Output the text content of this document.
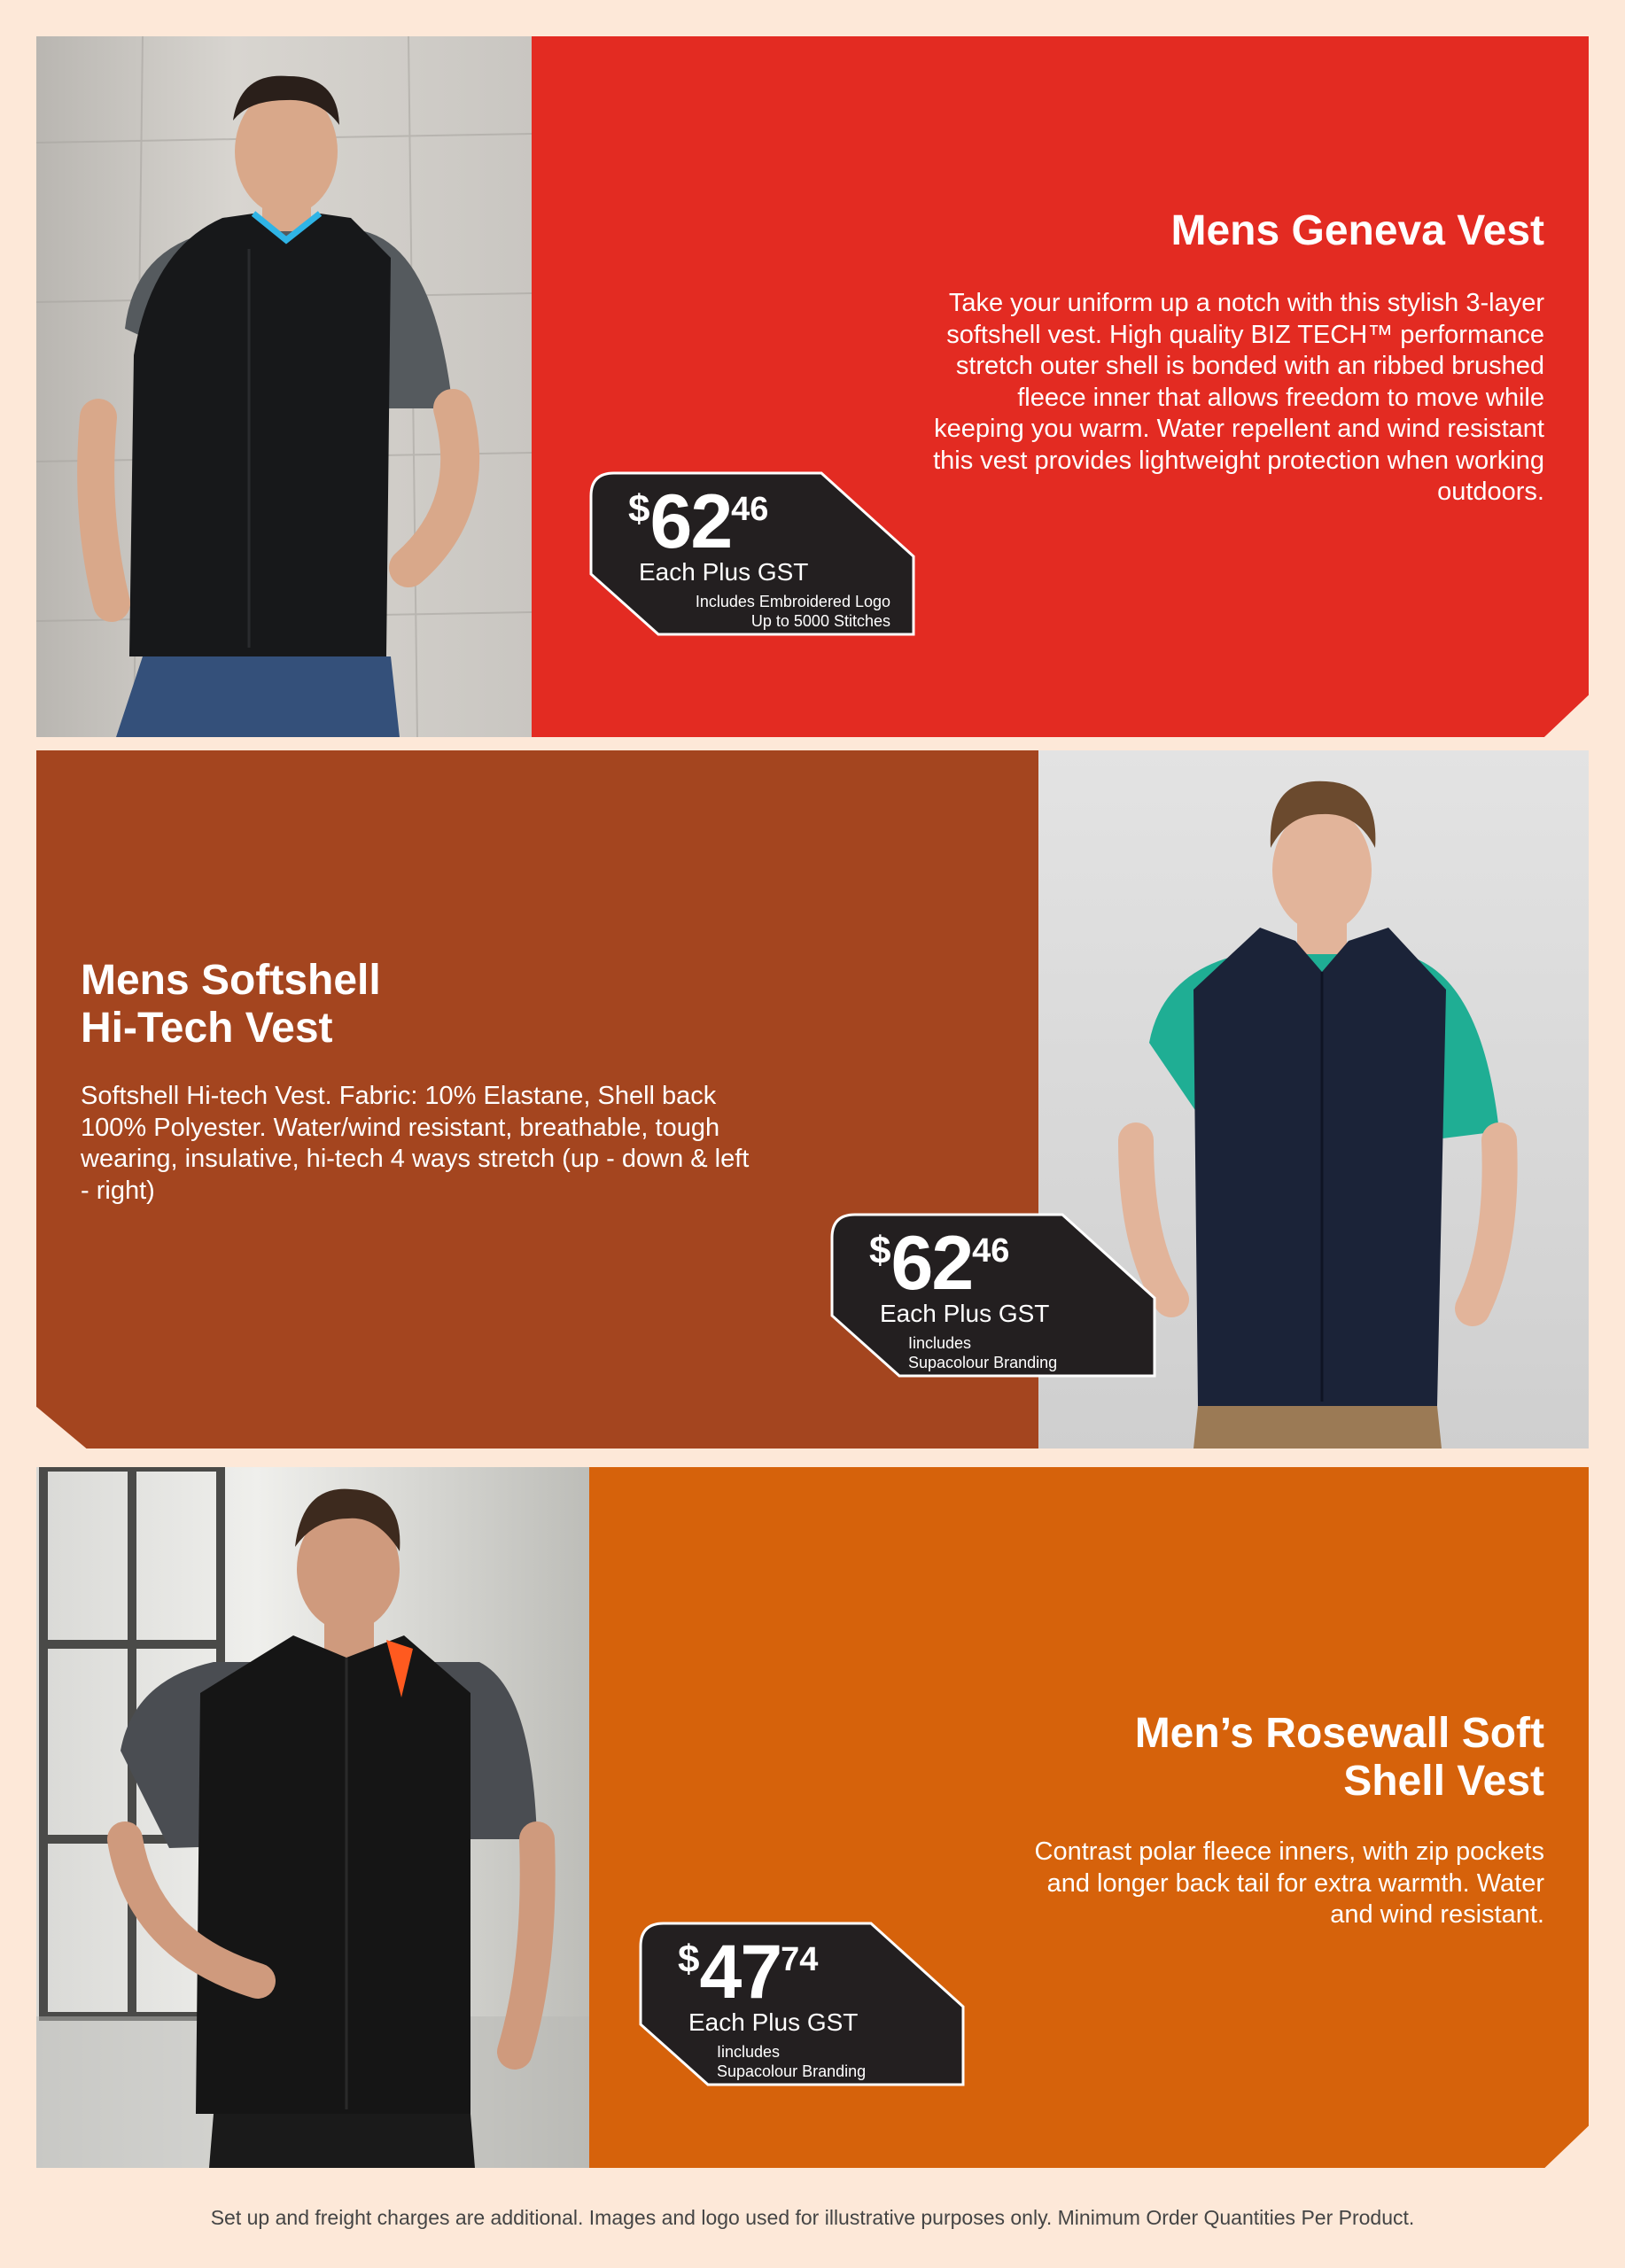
Mens Geneva Vest

Take your uniform up a notch with this stylish 3-layer softshell vest. High quality BIZ TECH™ performance stretch outer shell is bonded with an ribbed brushed fleece inner that allows freedom to move while keeping you warm. Water repellent and wind resistant this vest provides lightweight protection when working outdoors.

$6246
Each Plus GST
Includes Embroidered Logo
Up to 5000 Stitches
Mens Softshell
Hi-Tech Vest

Softshell Hi-tech Vest. Fabric: 10% Elastane, Shell back 100% Polyester. Water/wind resistant, breathable, tough wearing, insulative, hi-tech 4 ways stretch (up - down & left - right)

$6246
Each Plus GST
Iincludes
Supacolour Branding
Men’s Rosewall Soft
Shell Vest

Contrast polar fleece inners, with zip pockets and longer back tail for extra warmth. Water and wind resistant.

$4774
Each Plus GST
Iincludes
Supacolour Branding
Set up and freight charges are additional. Images and logo used for illustrative purposes only. Minimum Order Quantities Per Product.
